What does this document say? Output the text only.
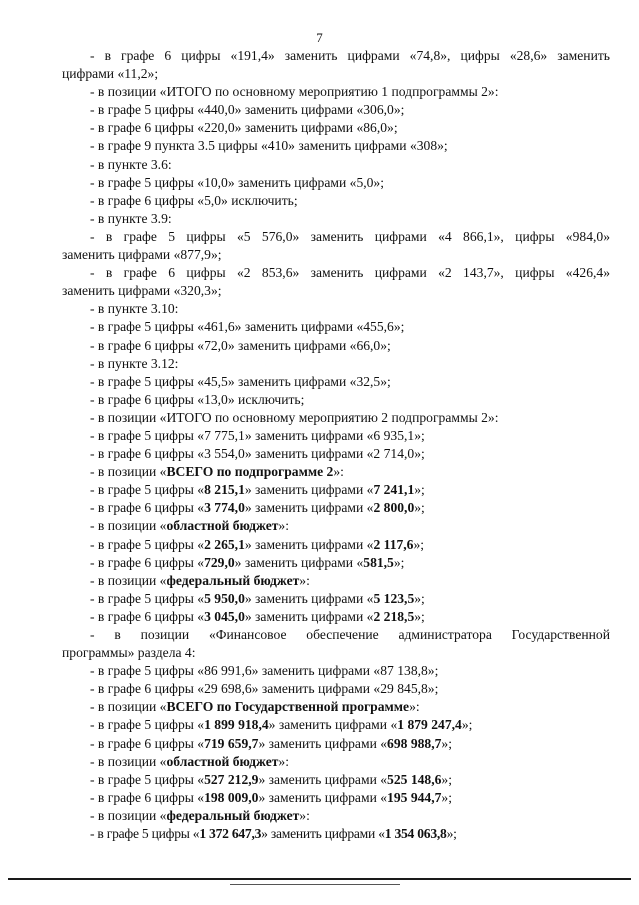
7
- в графе 6 цифры «191,4» заменить цифрами «74,8», цифры «28,6» заменить
цифрами «11,2»;
- в позиции «ИТОГО по основному мероприятию 1 подпрограммы 2»:
- в графе 5 цифры «440,0» заменить цифрами «306,0»;
- в графе 6 цифры «220,0» заменить цифрами «86,0»;
- в графе 9 пункта 3.5 цифры «410» заменить цифрами «308»;
- в пункте 3.6:
- в графе 5 цифры «10,0» заменить цифрами «5,0»;
- в графе 6 цифры «5,0» исключить;
- в пункте 3.9:
- в графе 5 цифры «5 576,0» заменить цифрами «4 866,1», цифры «984,0»
заменить цифрами «877,9»;
- в графе 6 цифры «2 853,6» заменить цифрами «2 143,7», цифры «426,4»
заменить цифрами «320,3»;
- в пункте 3.10:
- в графе 5 цифры «461,6» заменить цифрами «455,6»;
- в графе 6 цифры «72,0» заменить цифрами «66,0»;
- в пункте 3.12:
- в графе 5 цифры «45,5» заменить цифрами «32,5»;
- в графе 6 цифры «13,0» исключить;
- в позиции «ИТОГО по основному мероприятию 2 подпрограммы 2»:
- в графе 5 цифры «7 775,1» заменить цифрами «6 935,1»;
- в графе 6 цифры «3 554,0» заменить цифрами «2 714,0»;
- в позиции «ВСЕГО по подпрограмме 2»:
- в графе 5 цифры «8 215,1» заменить цифрами «7 241,1»;
- в графе 6 цифры «3 774,0» заменить цифрами «2 800,0»;
- в позиции «областной бюджет»:
- в графе 5 цифры «2 265,1» заменить цифрами «2 117,6»;
- в графе 6 цифры «729,0» заменить цифрами «581,5»;
- в позиции «федеральный бюджет»:
- в графе 5 цифры «5 950,0» заменить цифрами «5 123,5»;
- в графе 6 цифры «3 045,0» заменить цифрами «2 218,5»;
- в позиции «Финансовое обеспечение администратора Государственной
программы» раздела 4:
- в графе 5 цифры «86 991,6» заменить цифрами «87 138,8»;
- в графе 6 цифры «29 698,6» заменить цифрами «29 845,8»;
- в позиции «ВСЕГО по Государственной программе»:
- в графе 5 цифры «1 899 918,4» заменить цифрами «1 879 247,4»;
- в графе 6 цифры «719 659,7» заменить цифрами «698 988,7»;
- в позиции «областной бюджет»:
- в графе 5 цифры «527 212,9» заменить цифрами «525 148,6»;
- в графе 6 цифры «198 009,0» заменить цифрами «195 944,7»;
- в позиции «федеральный бюджет»:
- в графе 5 цифры «1 372 647,3» заменить цифрами «1 354 063,8»;
